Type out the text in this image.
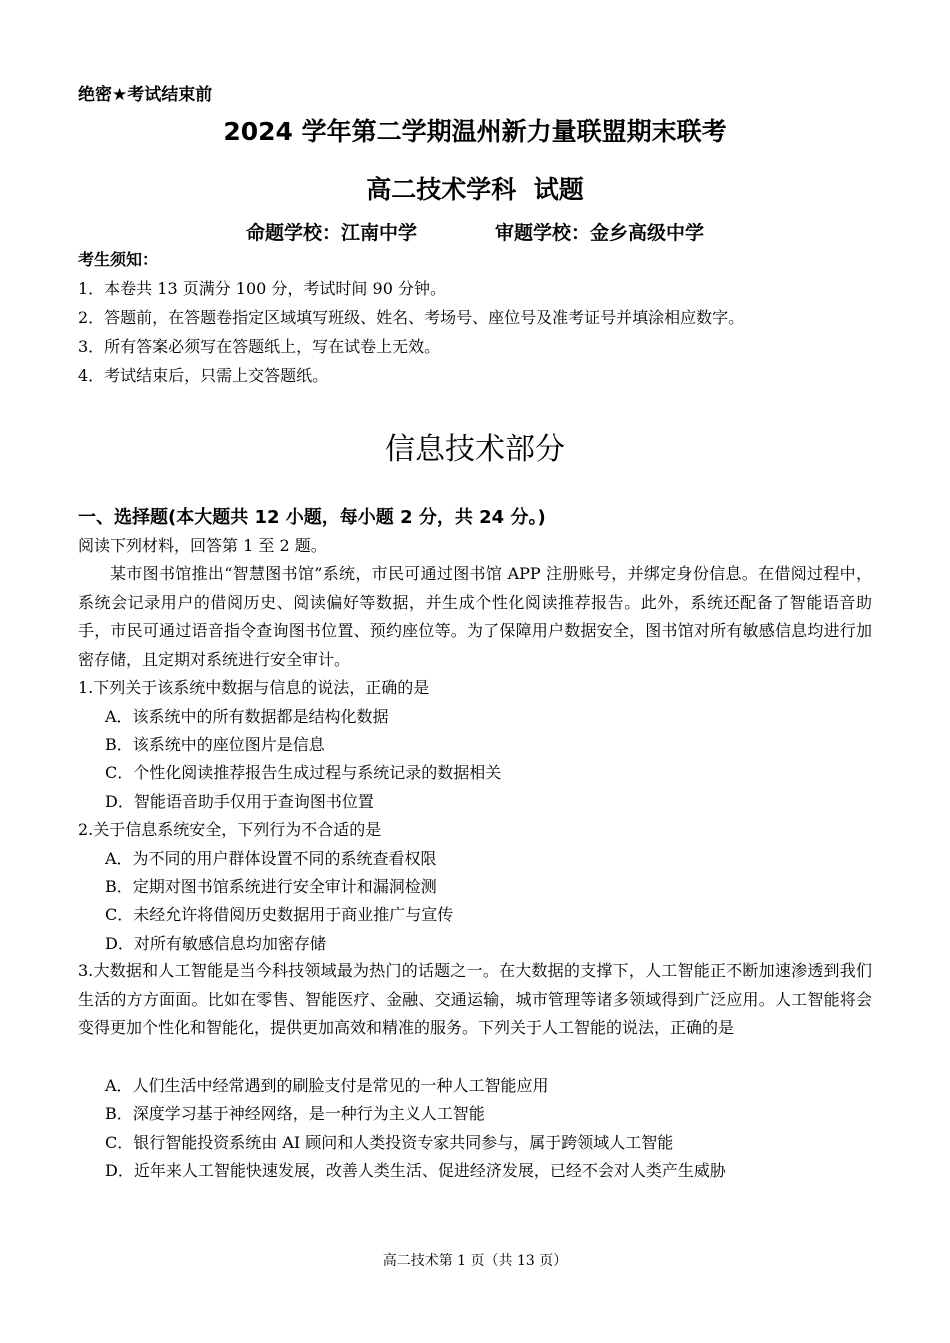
绝密★考试结束前
2024 学年第二学期温州新力量联盟期末联考
高二技术学科  试题
命题学校：江南中学	审题学校：金乡高级中学
考生须知：
1．本卷共 13 页满分 100 分，考试时间 90 分钟。
2．答题前，在答题卷指定区域填写班级、姓名、考场号、座位号及准考证号并填涂相应数字。
3．所有答案必须写在答题纸上，写在试卷上无效。
4．考试结束后，只需上交答题纸。
信息技术部分
一、选择题(本大题共 12 小题，每小题 2 分，共 24 分。)
阅读下列材料，回答第 1 至 2 题。
某市图书馆推出“智慧图书馆”系统，市民可通过图书馆 APP 注册账号，并绑定身份信息。在借阅过程中，系统会记录用户的借阅历史、阅读偏好等数据，并生成个性化阅读推荐报告。此外，系统还配备了智能语音助手，市民可通过语音指令查询图书位置、预约座位等。为了保障用户数据安全，图书馆对所有敏感信息均进行加密存储，且定期对系统进行安全审计。
1.下列关于该系统中数据与信息的说法，正确的是
A．该系统中的所有数据都是结构化数据
B．该系统中的座位图片是信息
C．个性化阅读推荐报告生成过程与系统记录的数据相关
D．智能语音助手仅用于查询图书位置
2.关于信息系统安全，下列行为不合适的是
A．为不同的用户群体设置不同的系统查看权限
B．定期对图书馆系统进行安全审计和漏洞检测
C．未经允许将借阅历史数据用于商业推广与宣传
D．对所有敏感信息均加密存储
3.大数据和人工智能是当今科技领域最为热门的话题之一。在大数据的支撑下，人工智能正不断加速渗透到我们生活的方方面面。比如在零售、智能医疗、金融、交通运输，城市管理等诸多领域得到广泛应用。人工智能将会变得更加个性化和智能化，提供更加高效和精准的服务。下列关于人工智能的说法，正确的是
A．人们生活中经常遇到的刷脸支付是常见的一种人工智能应用
B．深度学习基于神经网络，是一种行为主义人工智能
C．银行智能投资系统由 AI 顾问和人类投资专家共同参与，属于跨领域人工智能
D．近年来人工智能快速发展，改善人类生活、促进经济发展，已经不会对人类产生威胁
高二技术第 1 页（共 13 页）
